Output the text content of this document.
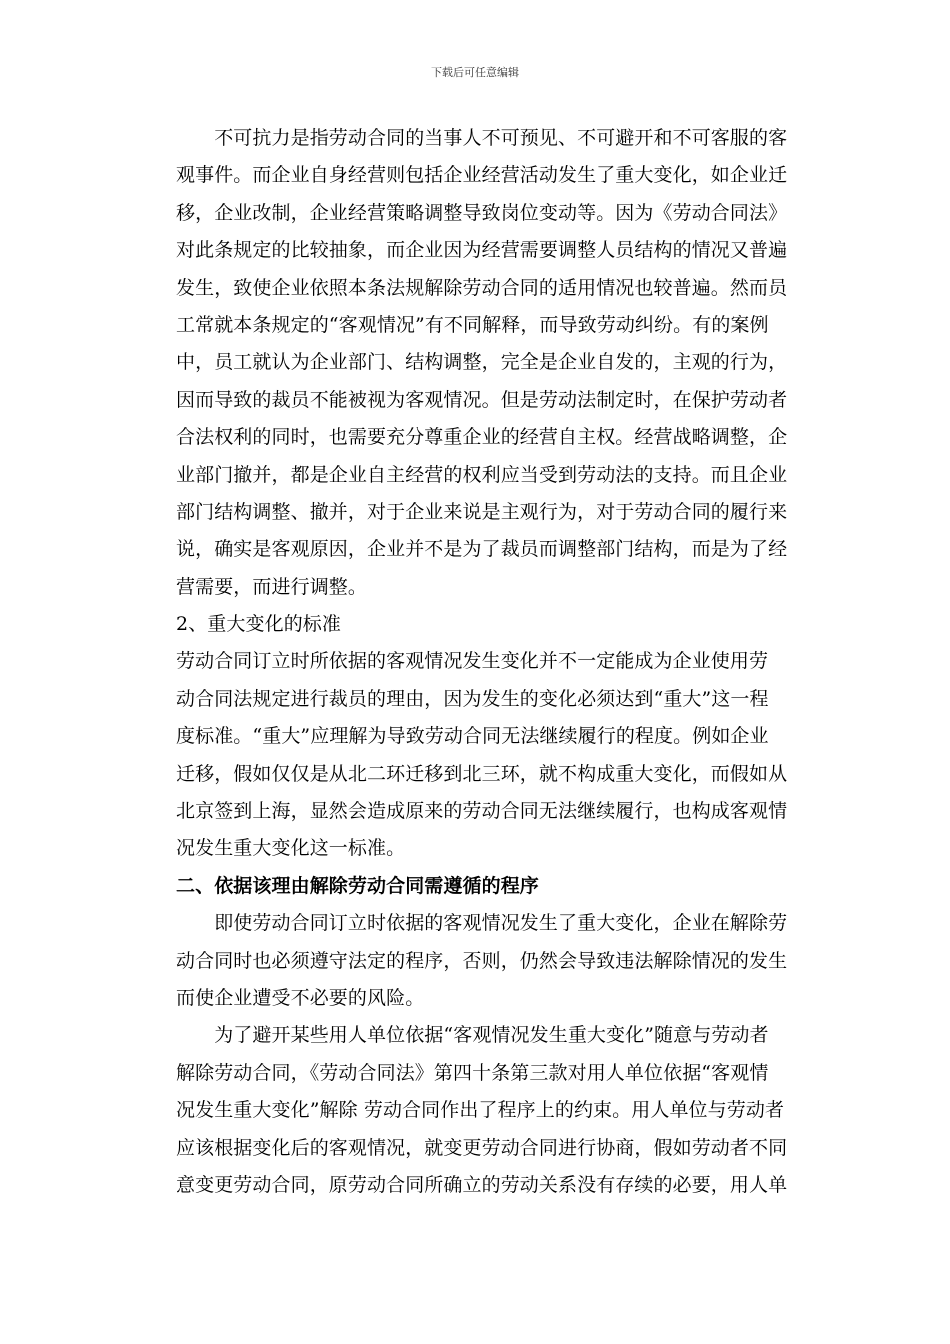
下载后可任意编辑
　　不可抗力是指劳动合同的当事人不可预见、不可避开和不可客服的客
观事件。而企业自身经营则包括企业经营活动发生了重大变化，如企业迁
移，企业改制，企业经营策略调整导致岗位变动等。因为《劳动合同法》
对此条规定的比较抽象，而企业因为经营需要调整人员结构的情况又普遍
发生，致使企业依照本条法规解除劳动合同的适用情况也较普遍。然而员
工常就本条规定的“客观情况”有不同解释，而导致劳动纠纷。有的案例
中，员工就认为企业部门、结构调整，完全是企业自发的，主观的行为，
因而导致的裁员不能被视为客观情况。但是劳动法制定时，在保护劳动者
合法权利的同时，也需要充分尊重企业的经营自主权。经营战略调整，企
业部门撤并，都是企业自主经营的权利应当受到劳动法的支持。而且企业
部门结构调整、撤并，对于企业来说是主观行为，对于劳动合同的履行来
说，确实是客观原因，企业并不是为了裁员而调整部门结构，而是为了经
营需要，而进行调整。
2、重大变化的标准
劳动合同订立时所依据的客观情况发生变化并不一定能成为企业使用劳
动合同法规定进行裁员的理由，因为发生的变化必须达到“重大”这一程
度标准。“重大”应理解为导致劳动合同无法继续履行的程度。例如企业
迁移，假如仅仅是从北二环迁移到北三环，就不构成重大变化，而假如从
北京签到上海，显然会造成原来的劳动合同无法继续履行，也构成客观情
况发生重大变化这一标准。
二、依据该理由解除劳动合同需遵循的程序
　　即使劳动合同订立时依据的客观情况发生了重大变化，企业在解除劳
动合同时也必须遵守法定的程序，否则，仍然会导致违法解除情况的发生
而使企业遭受不必要的风险。
　　为了避开某些用人单位依据“客观情况发生重大变化”随意与劳动者
解除劳动合同，《劳动合同法》第四十条第三款对用人单位依据“客观情
况发生重大变化”解除 劳动合同作出了程序上的约束。用人单位与劳动者
应该根据变化后的客观情况，就变更劳动合同进行协商，假如劳动者不同
意变更劳动合同，原劳动合同所确立的劳动关系没有存续的必要，用人单
